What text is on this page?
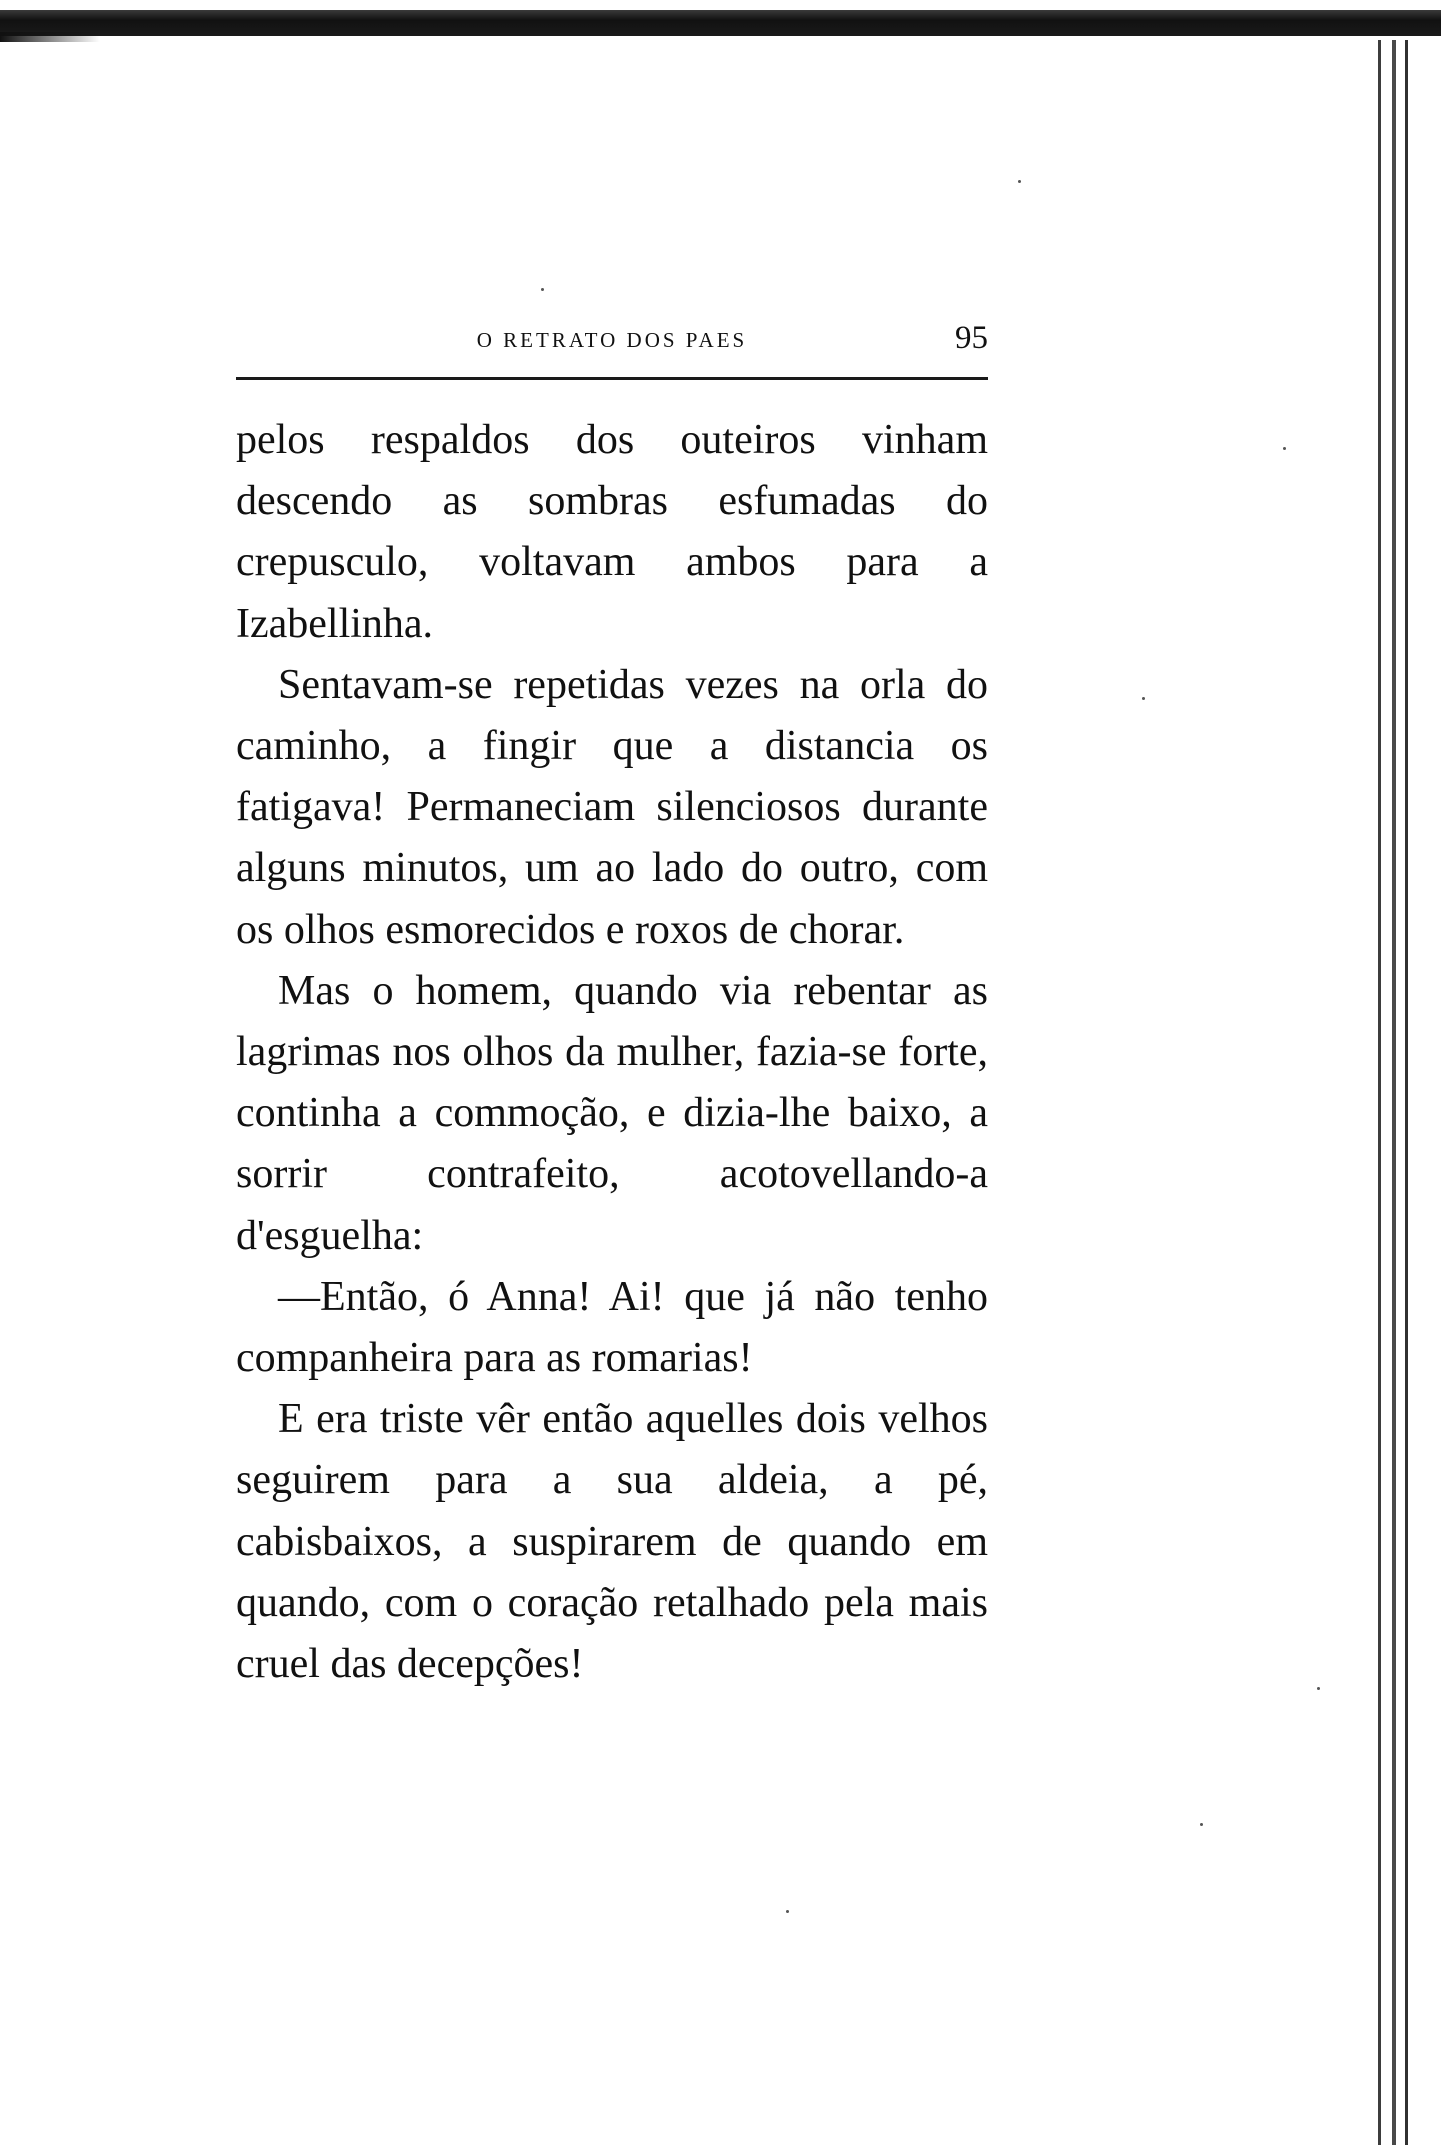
O RETRATO DOS PAES	95

pelos respaldos dos outeiros vinham descendo as sombras esfumadas do crepusculo, voltavam ambos para a Izabellinha.

Sentavam-se repetidas vezes na orla do caminho, a fingir que a distancia os fatigava! Permaneciam silenciosos durante alguns minutos, um ao lado do outro, com os olhos esmorecidos e roxos de chorar.

Mas o homem, quando via rebentar as lagrimas nos olhos da mulher, fazia-se forte, continha a commoção, e dizia-lhe baixo, a sorrir contrafeito, acotovellando-a d'esguelha:

—Então, ó Anna! Ai! que já não tenho companheira para as romarias!

E era triste vêr então aquelles dois velhos seguirem para a sua aldeia, a pé, cabisbaixos, a suspirarem de quando em quando, com o coração retalhado pela mais cruel das decepções!
